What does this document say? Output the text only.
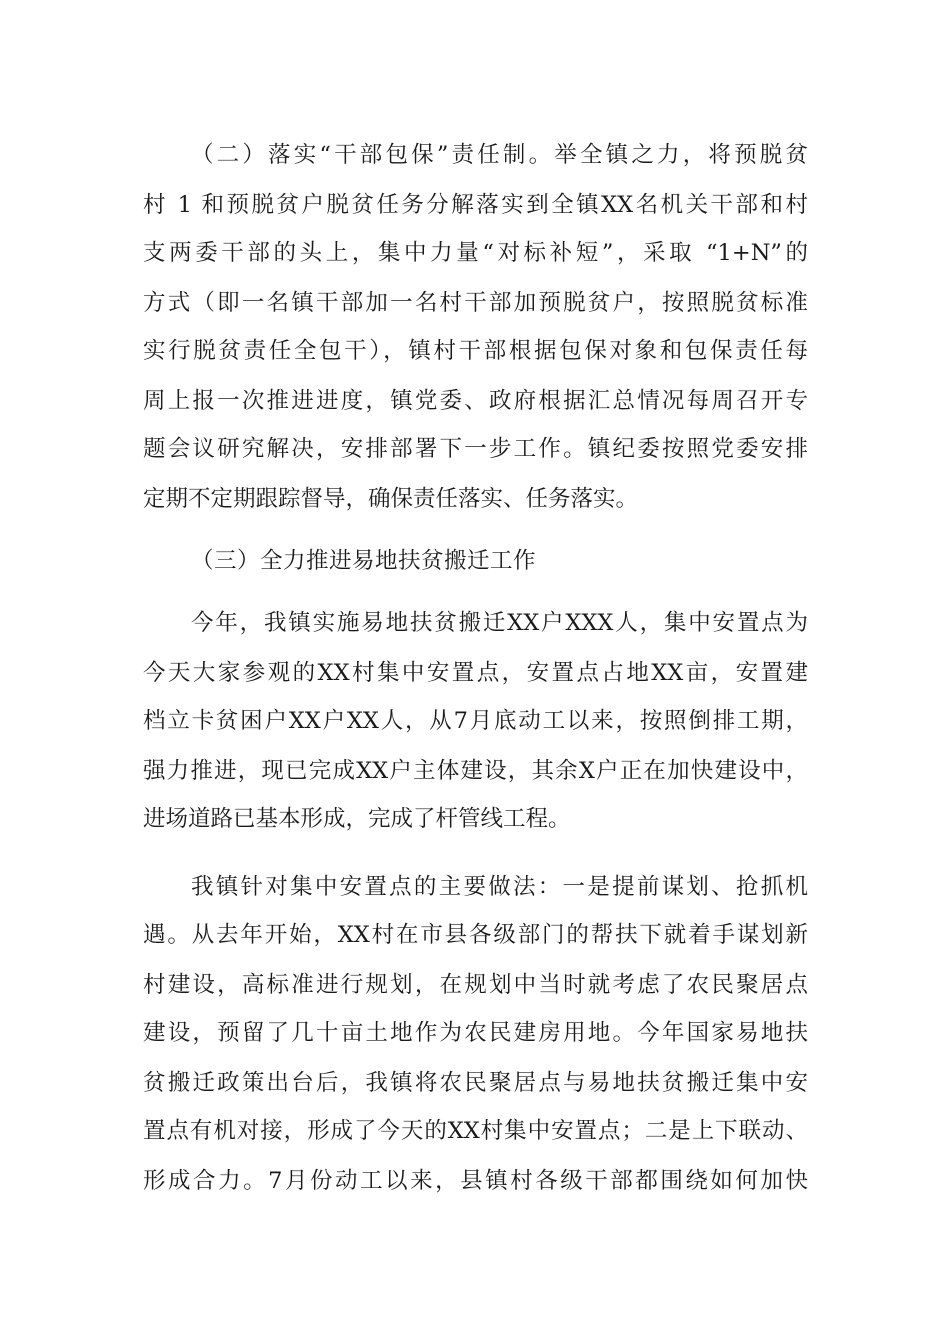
（二）落实“干部包保”责任制。举全镇之力，将预脱贫
村 1 和预脱贫户脱贫任务分解落实到全镇XX名机关干部和村
支两委干部的头上，集中力量“对标补短”，采取 “1+N”的
方式（即一名镇干部加一名村干部加预脱贫户，按照脱贫标准
实行脱贫责任全包干），镇村干部根据包保对象和包保责任每
周上报一次推进进度，镇党委、政府根据汇总情况每周召开专
题会议研究解决，安排部署下一步工作。镇纪委按照党委安排
定期不定期跟踪督导，确保责任落实、任务落实。
（三）全力推进易地扶贫搬迁工作
今年，我镇实施易地扶贫搬迁XX户XXX人，集中安置点为
今天大家参观的XX村集中安置点，安置点占地XX亩，安置建
档立卡贫困户XX户XX人，从7月底动工以来，按照倒排工期，
强力推进，现已完成XX户主体建设，其余X户正在加快建设中，
进场道路已基本形成，完成了杆管线工程。
我镇针对集中安置点的主要做法：一是提前谋划、抢抓机
遇。从去年开始，XX村在市县各级部门的帮扶下就着手谋划新
村建设，高标准进行规划，在规划中当时就考虑了农民聚居点
建设，预留了几十亩土地作为农民建房用地。今年国家易地扶
贫搬迁政策出台后，我镇将农民聚居点与易地扶贫搬迁集中安
置点有机对接，形成了今天的XX村集中安置点；二是上下联动、
形成合力。7月份动工以来，县镇村各级干部都围绕如何加快
